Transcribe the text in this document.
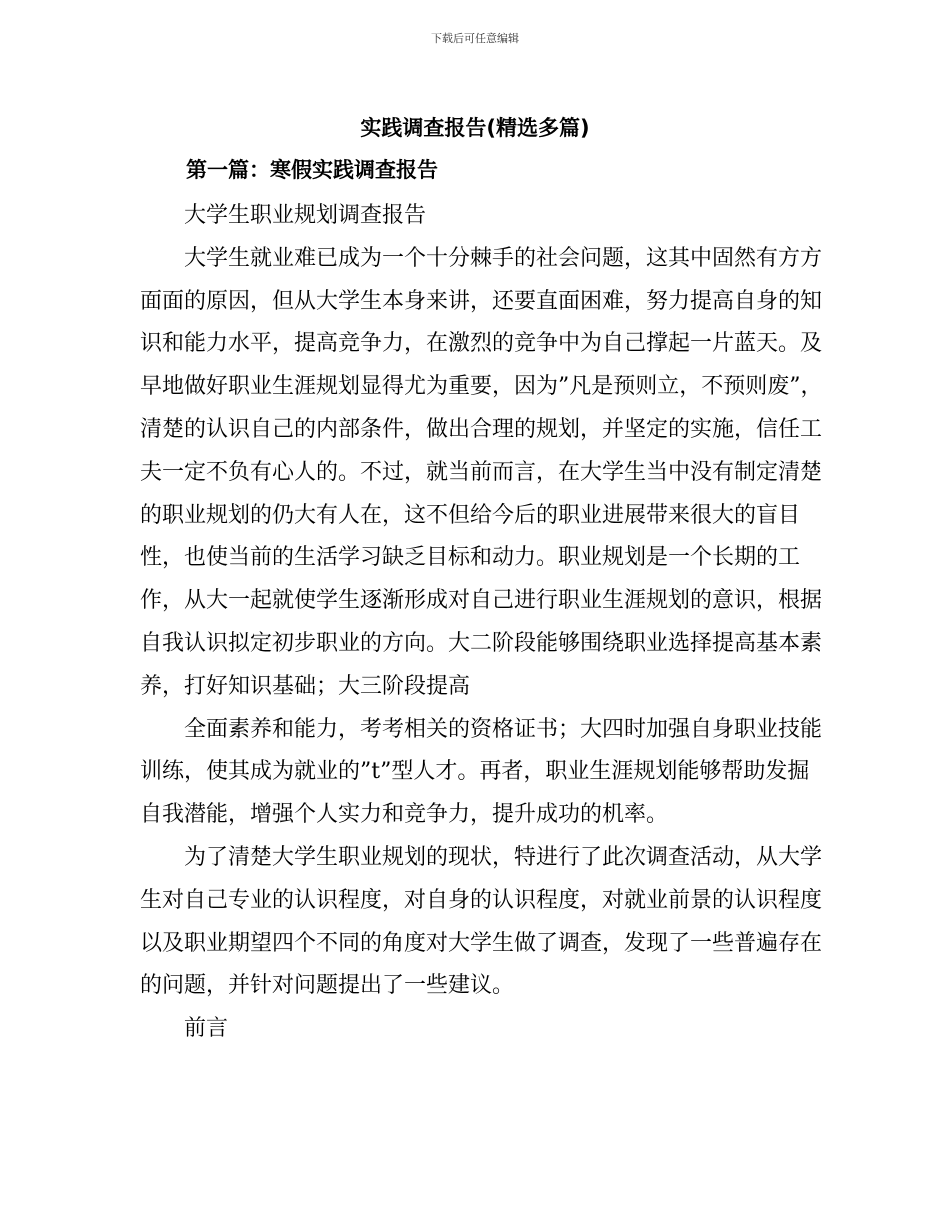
下载后可任意编辑
实践调查报告(精选多篇)
第一篇：寒假实践调查报告

大学生职业规划调查报告

大学生就业难已成为一个十分棘手的社会问题，这其中固然有方方面面的原因，但从大学生本身来讲，还要直面困难，努力提高自身的知识和能力水平，提高竞争力，在激烈的竞争中为自己撑起一片蓝天。及早地做好职业生涯规划显得尤为重要，因为”凡是预则立，不预则废”，清楚的认识自己的内部条件，做出合理的规划，并坚定的实施，信任工夫一定不负有心人的。不过，就当前而言，在大学生当中没有制定清楚的职业规划的仍大有人在，这不但给今后的职业进展带来很大的盲目性，也使当前的生活学习缺乏目标和动力。职业规划是一个长期的工作，从大一起就使学生逐渐形成对自己进行职业生涯规划的意识，根据自我认识拟定初步职业的方向。大二阶段能够围绕职业选择提高基本素养，打好知识基础；大三阶段提高

全面素养和能力，考考相关的资格证书；大四时加强自身职业技能训练，使其成为就业的”t”型人才。再者，职业生涯规划能够帮助发掘自我潜能，增强个人实力和竞争力，提升成功的机率。

为了清楚大学生职业规划的现状，特进行了此次调查活动，从大学生对自己专业的认识程度，对自身的认识程度，对就业前景的认识程度以及职业期望四个不同的角度对大学生做了调查，发现了一些普遍存在的问题，并针对问题提出了一些建议。

前言
